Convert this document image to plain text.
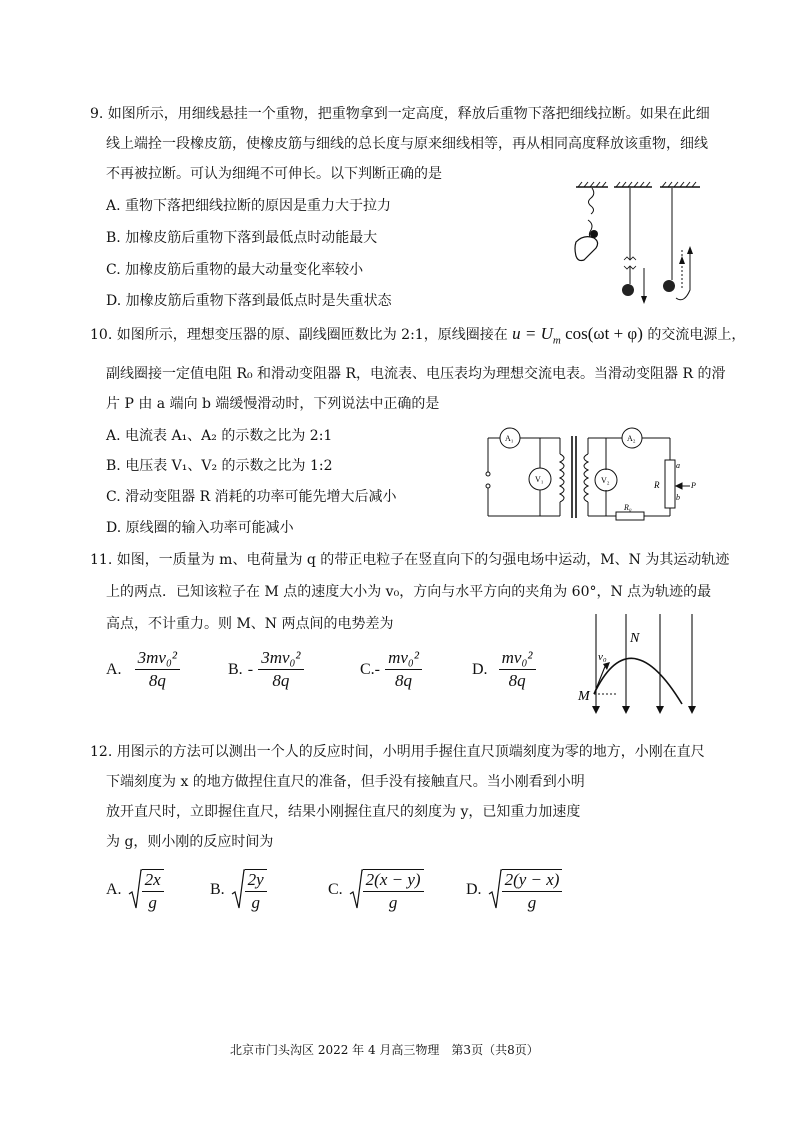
9. 如图所示，用细线悬挂一个重物，把重物拿到一定高度，释放后重物下落把细线拉断。如果在此细
线上端拴一段橡皮筋，使橡皮筋与细线的总长度与原来细线相等，再从相同高度释放该重物，细线
不再被拉断。可认为细绳不可伸长。以下判断正确的是
A. 重物下落把细线拉断的原因是重力大于拉力
B. 加橡皮筋后重物下落到最低点时动能最大
C. 加橡皮筋后重物的最大动量变化率较小
D. 加橡皮筋后重物下落到最低点时是失重状态
10. 如图所示，理想变压器的原、副线圈匝数比为 2:1，原线圈接在 $u = U_m$ cos(ωt + φ) 的交流电源上，
副线圈接一定值电阻 R₀ 和滑动变阻器 R，电流表、电压表均为理想交流电表。当滑动变阻器 R 的滑
片 P 由 a 端向 b 端缓慢滑动时，下列说法中正确的是
A. 电流表 A₁、A₂ 的示数之比为 2:1
B. 电压表 V₁、V₂ 的示数之比为 1:2
C. 滑动变阻器 R 消耗的功率可能先增大后减小
D. 原线圈的输入功率可能减小
A₁	A₂
V₁	V₂	R
a
b
P
R₀
11. 如图，一质量为 m、电荷量为 q 的带正电粒子在竖直向下的匀强电场中运动，M、N 为其运动轨迹
上的两点．已知该粒子在 M 点的速度大小为 v₀，方向与水平方向的夹角为 60°，N 点为轨迹的最
高点，不计重力。则 M、N 两点间的电势差为
A. $\frac{\text{3mv₀²}}{8q}$	B. - $\frac{\text{3mv₀²}}{8q}$	$C.- \frac{\text{mv₀²}}{8q}$	D. $\frac{\text{mv₀²}}{8q}$
N
M
v₀
12. 用图示的方法可以测出一个人的反应时间，小明用手握住直尺顶端刻度为零的地方，小刚在直尺
下端刻度为 x 的地方做捏住直尺的准备，但手没有接触直尺。当小刚看到小明
放开直尺时，立即握住直尺，结果小刚握住直尺的刻度为 y，已知重力加速度
为 g，则小刚的反应时间为
A. $\frac{2x}{g}$	B. $\frac{2y}{g}$	C. $\frac{2(x - y)}{g}$	D. $\frac{2(y - x)}{g}$
北京市门头沟区 2022 年 4 月高三物理　第3页（共8页）
